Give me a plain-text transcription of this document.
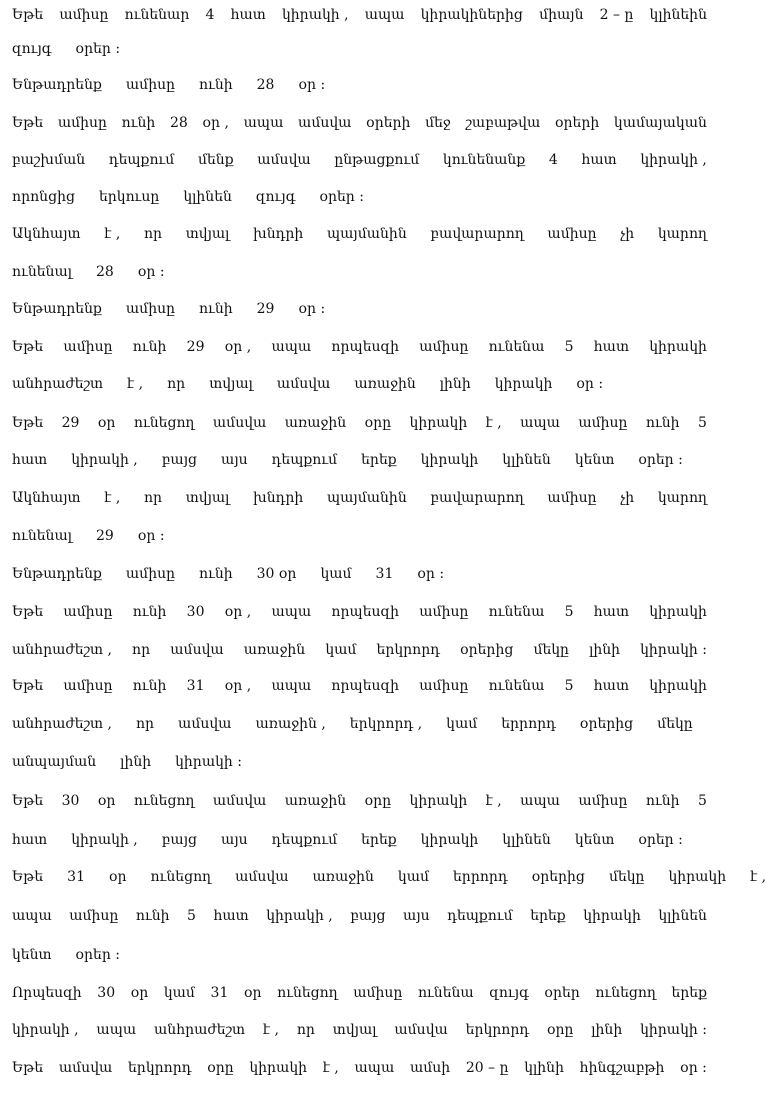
Եթե ամիսը ունենար 4 հատ կիրակի , ապա կիրակիներից միայն 2 – ը կլինեին
զույգ օրեր :
Ենթադրենք ամիսը ունի 28 օր :
Եթե ամիսը ունի 28 օր , ապա ամսվա օրերի մեջ շաբաթվա օրերի կամայական
բաշխման դեպքում մենք ամսվա ընթացքում կունենանք 4 հատ կիրակի ,
որոնցից երկուսը կլինեն զույգ օրեր :
Ակնհայտ է , որ տվյալ խնդրի պայմանին բավարարող ամիսը չի կարող
ունենալ 28 օր :
Ենթադրենք ամիսը ունի 29 օր :
Եթե ամիսը ունի 29 օր , ապա որպեսզի ամիսը ունենա 5 հատ կիրակի
անհրաժեշտ է , որ տվյալ ամսվա առաջին լինի կիրակի օր :
Եթե 29 օր ունեցող ամսվա առաջին օրը կիրակի է , ապա ամիսը ունի 5
հատ կիրակի , բայց այս դեպքում երեք կիրակի կլինեն կենտ օրեր :
Ակնհայտ է , որ տվյալ խնդրի պայմանին բավարարող ամիսը չի կարող
ունենալ 29 օր :
Ենթադրենք ամիսը ունի 30 օր կամ 31 օր :
Եթե ամիսը ունի 30 օր , ապա որպեսզի ամիսը ունենա 5 հատ կիրակի
անհրաժեշտ , որ ամսվա առաջին կամ երկրորդ օրերից մեկը լինի կիրակի :
Եթե ամիսը ունի 31 օր , ապա որպեսզի ամիսը ունենա 5 հատ կիրակի
անհրաժեշտ , որ ամսվա առաջին , երկրորդ , կամ երրորդ օրերից մեկը
անպայման լինի կիրակի :
Եթե 30 օր ունեցող ամսվա առաջին օրը կիրակի է , ապա ամիսը ունի 5
հատ կիրակի , բայց այս դեպքում երեք կիրակի կլինեն կենտ օրեր :
Եթե 31 օր ունեցող ամսվա առաջին կամ երրորդ օրերից մեկը կիրակի է ,
ապա ամիսը ունի 5 հատ կիրակի , բայց այս դեպքում երեք կիրակի կլինեն
կենտ օրեր :
Որպեսզի 30 օր կամ 31 օր ունեցող ամիսը ունենա զույգ օրեր ունեցող երեք
կիրակի , ապա անհրաժեշտ է , որ տվյալ ամսվա երկրորդ օրը լինի կիրակի :
Եթե ամսվա երկրորդ օրը կիրակի է , ապա ամսի 20 – ը կլինի հինգշաբթի օր :
